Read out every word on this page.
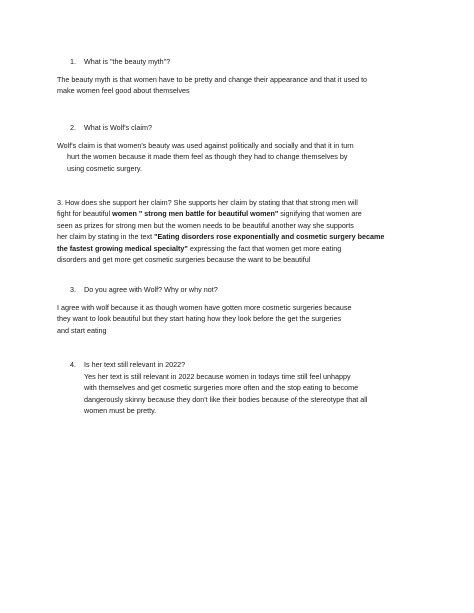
1. What is "the beauty myth"?
The beauty myth is that women have to be pretty and change their appearance and that it used to
make women feel good about themselves
2. What is Wolf's claim?
Wolf's claim is that women's beauty was used against politically and socially and that it in turn
hurt the women because it made them feel as though they had to change themselves by
using cosmetic surgery.
3. How does she support her claim? She supports her claim by stating that that strong men will
fight for beautiful women " strong men battle for beautiful women" signifying that women are
seen as prizes for strong men but the women needs to be beautiful another way she supports
her claim by stating in the text "Eating disorders rose exponentially and cosmetic surgery became
the fastest growing medical specialty" expressing the fact that women get more eating
disorders and get more get cosmetic surgeries because the want to be beautiful
3. Do you agree with Wolf? Why or why not?
I agree with wolf because it as though women have gotten more cosmetic surgeries because
they want to look beautiful but they start hating how they look before the get the surgeries
and start eating
4. Is her text still relevant in 2022?
Yes her text is still relevant in 2022 because women in todays time still feel unhappy
with themselves and get cosmetic surgeries more often and the stop eating to become
dangerously skinny because they don't like their bodies because of the stereotype that all
women must be pretty.
